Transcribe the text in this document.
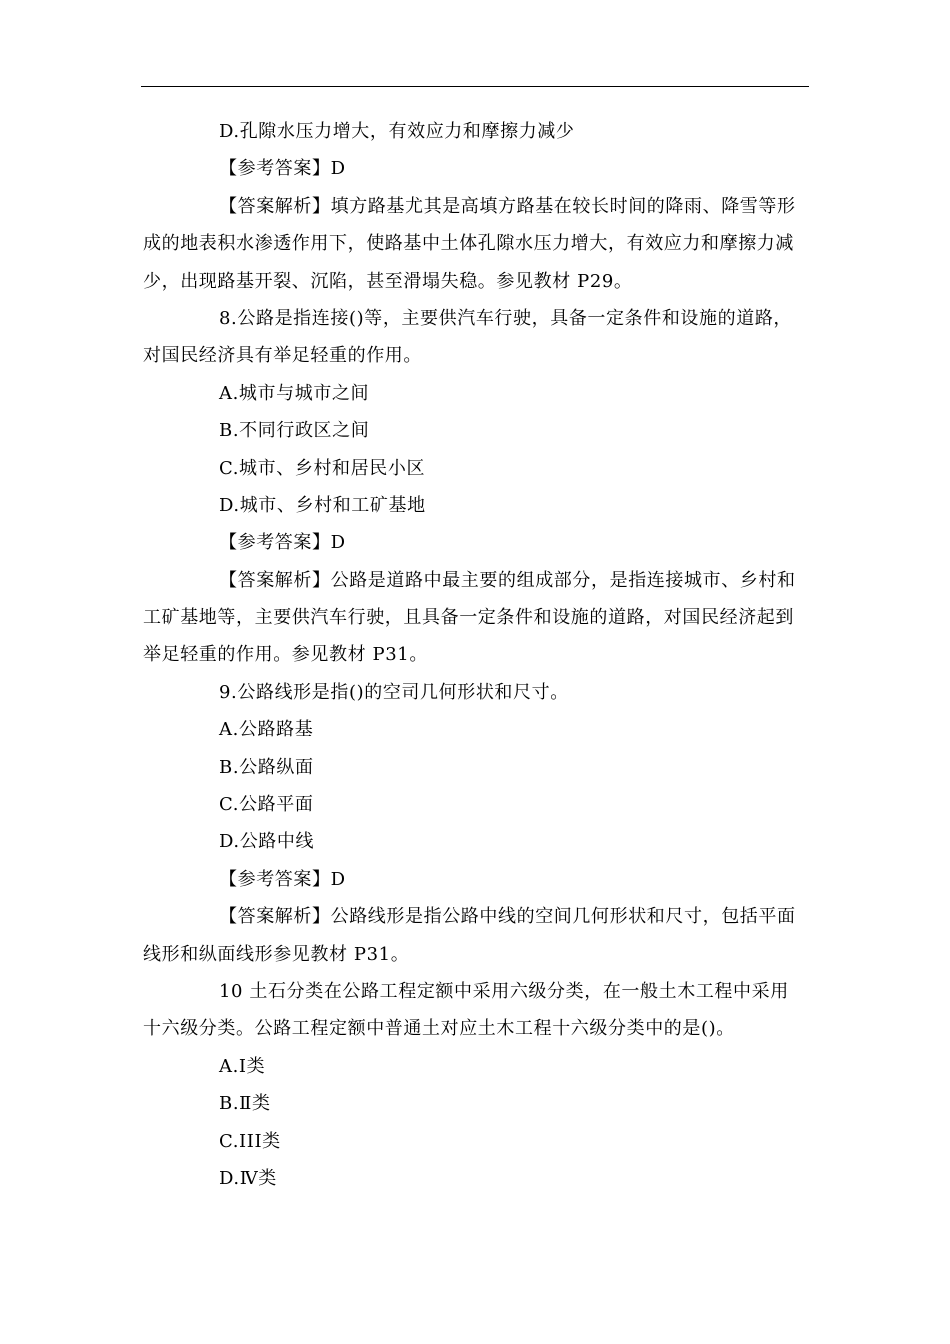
D.孔隙水压力增大，有效应力和摩擦力减少
【参考答案】D
【答案解析】填方路基尤其是高填方路基在较长时间的降雨、降雪等形
成的地表积水渗透作用下，使路基中土体孔隙水压力增大，有效应力和摩擦力减
少，出现路基开裂、沉陷，甚至滑塌失稳。参见教材 P29。
8.公路是指连接()等，主要供汽车行驶，具备一定条件和设施的道路，
对国民经济具有举足轻重的作用。
A.城市与城市之间
B.不同行政区之间
C.城市、乡村和居民小区
D.城市、乡村和工矿基地
【参考答案】D
【答案解析】公路是道路中最主要的组成部分，是指连接城市、乡村和
工矿基地等，主要供汽车行驶，且具备一定条件和设施的道路，对国民经济起到
举足轻重的作用。参见教材 P31。
9.公路线形是指()的空司几何形状和尺寸。
A.公路路基
B.公路纵面
C.公路平面
D.公路中线
【参考答案】D
【答案解析】公路线形是指公路中线的空间几何形状和尺寸，包括平面
线形和纵面线形参见教材 P31。
10 土石分类在公路工程定额中采用六级分类，在一般土木工程中采用
十六级分类。公路工程定额中普通土对应土木工程十六级分类中的是()。
A.Ⅰ类
B.Ⅱ类
C.III类
D.Ⅳ类
